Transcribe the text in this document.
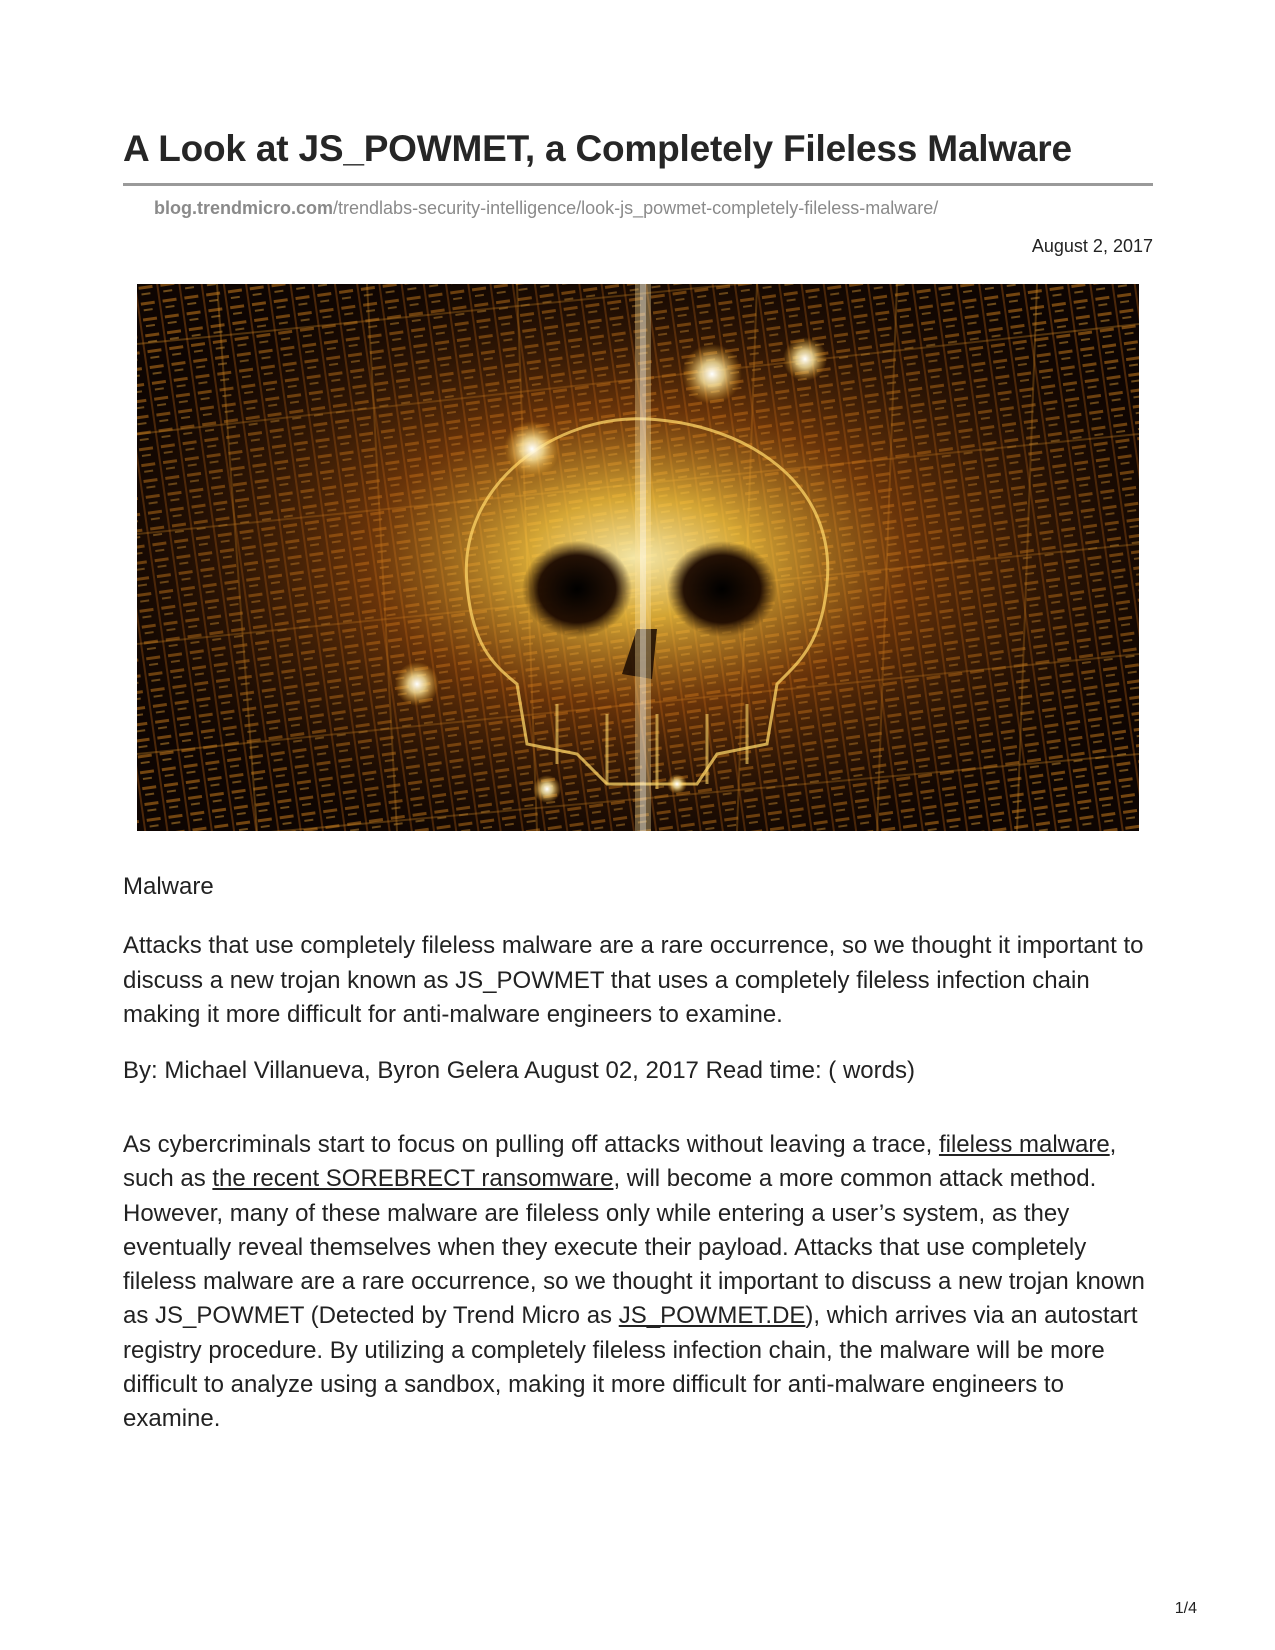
A Look at JS_POWMET, a Completely Fileless Malware
blog.trendmicro.com/trendlabs-security-intelligence/look-js_powmet-completely-fileless-malware/
August 2, 2017
Malware

Attacks that use completely fileless malware are a rare occurrence, so we thought it important to discuss a new trojan known as JS_POWMET that uses a completely fileless infection chain making it more difficult for anti-malware engineers to examine.

By: Michael Villanueva, Byron Gelera August 02, 2017 Read time: ( words)

As cybercriminals start to focus on pulling off attacks without leaving a trace, fileless malware, such as the recent SOREBRECT ransomware, will become a more common attack method. However, many of these malware are fileless only while entering a user’s system, as they eventually reveal themselves when they execute their payload. Attacks that use completely fileless malware are a rare occurrence, so we thought it important to discuss a new trojan known as JS_POWMET (Detected by Trend Micro as JS_POWMET.DE), which arrives via an autostart registry procedure. By utilizing a completely fileless infection chain, the malware will be more difficult to analyze using a sandbox, making it more difficult for anti-malware engineers to examine.

1/4
